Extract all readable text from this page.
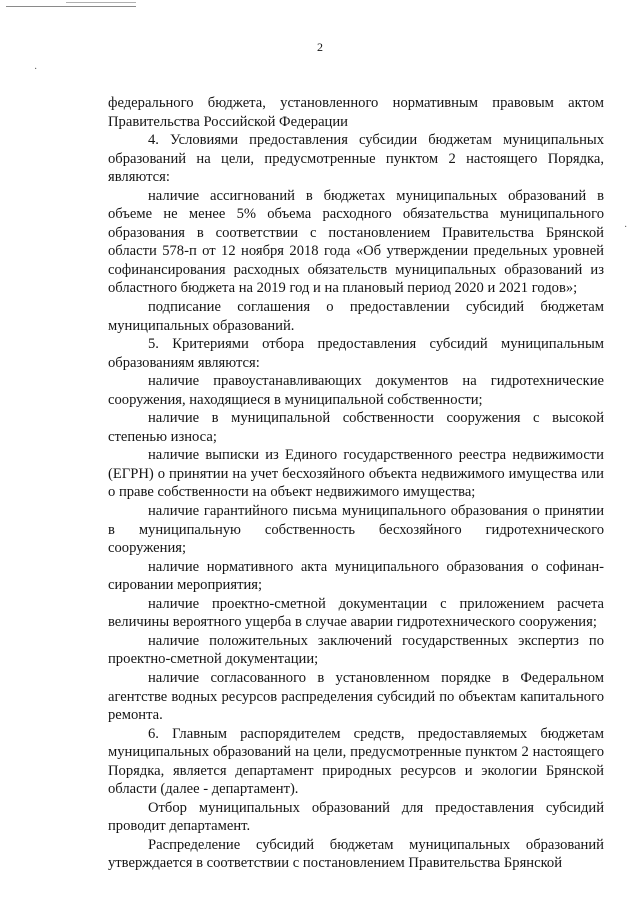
·
·
2

федерального бюджета, установленного нормативным правовым актом Правительства Российской Федерации

4. Условиями предоставления субсидии бюджетам муниципальных образований на цели, предусмотренные пунктом 2 настоящего Порядка, являются:

наличие ассигнований в бюджетах муниципальных образований в объеме не менее 5% объема расходного обязательства муниципального образования в соответствии с постановлением Правительства Брянской области 578-п от 12 ноября 2018 года «Об утверждении предельных уровней софинансирования расходных обязательств муниципальных образований из областного бюджета на 2019 год и на плановый период 2020 и 2021 годов»;

подписание соглашения о предоставлении субсидий бюджетам муниципальных образований.

5. Критериями отбора предоставления субсидий муниципальным образованиям являются:

наличие правоустанавливающих документов на гидротехнические сооружения, находящиеся в муниципальной собственности;

наличие в муниципальной собственности сооружения с высокой степенью износа;

наличие выписки из Единого государственного реестра недвижимости (ЕГРН) о принятии на учет бесхозяйного объекта недвижимого имущества или о праве собственности на объект недвижимого имущества;

наличие гарантийного письма муниципального образования о принятии в муниципальную собственность бесхозяйного гидротехнического сооружения;

наличие нормативного акта муниципального образования о софинан-сировании мероприятия;

наличие проектно-сметной документации с приложением расчета величины вероятного ущерба в случае аварии гидротехнического сооружения;

наличие положительных заключений государственных экспертиз по проектно-сметной документации;

наличие согласованного в установленном порядке в Федеральном агентстве водных ресурсов распределения субсидий по объектам капитального ремонта.

6. Главным распорядителем средств, предоставляемых бюджетам муниципальных образований на цели, предусмотренные пунктом 2 настоящего Порядка, является департамент природных ресурсов и экологии Брянской области (далее - департамент).

Отбор муниципальных образований для предоставления субсидий проводит департамент.

Распределение субсидий бюджетам муниципальных образований утверждается в соответствии с постановлением Правительства Брянской
